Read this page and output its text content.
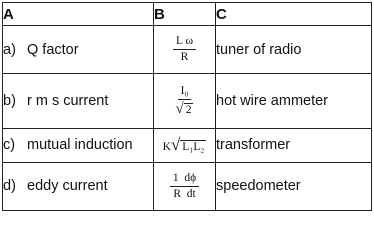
A	B	C
a) Q factor	$\frac{\text{L ω}}{R}$	tuner of radio
b) r m s current	$\frac{\text{I₀}}{√ 2}$	hot wire ammeter
c) mutual induction	K√ L₁L₂	transformer
d) eddy current	$\frac{1 d\phi}{\text{R  dt}}$	speedometer
